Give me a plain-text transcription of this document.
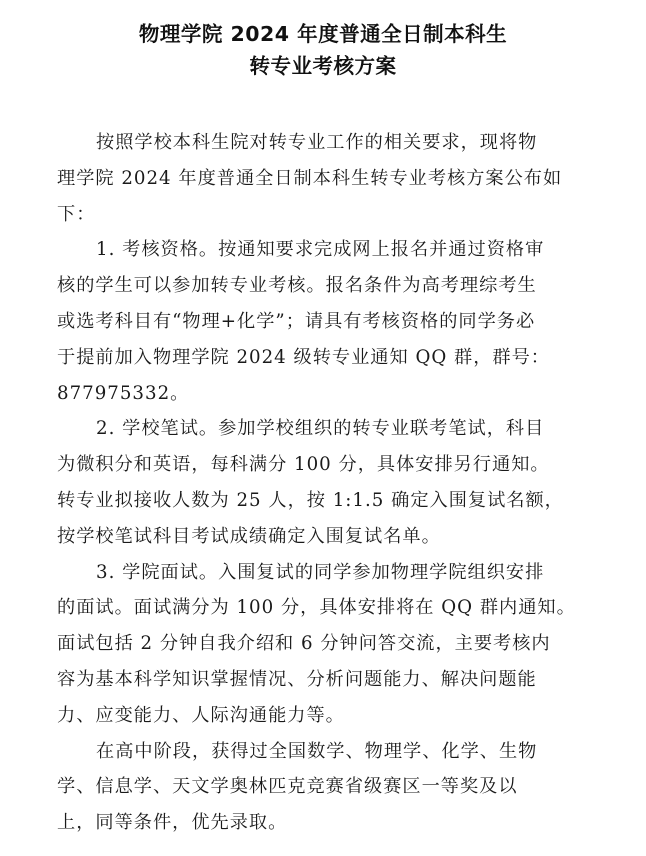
物理学院 2024 年度普通全日制本科生
转专业考核方案
按照学校本科生院对转专业工作的相关要求，现将物
理学院 2024 年度普通全日制本科生转专业考核方案公布如
下：
1. 考核资格。按通知要求完成网上报名并通过资格审
核的学生可以参加转专业考核。报名条件为高考理综考生
或选考科目有“物理+化学”；请具有考核资格的同学务必
于提前加入物理学院 2024 级转专业通知 QQ 群，群号：
877975332。
2. 学校笔试。参加学校组织的转专业联考笔试，科目
为微积分和英语，每科满分 100 分，具体安排另行通知。
转专业拟接收人数为 25 人，按 1:1.5 确定入围复试名额，
按学校笔试科目考试成绩确定入围复试名单。
3. 学院面试。入围复试的同学参加物理学院组织安排
的面试。面试满分为 100 分，具体安排将在 QQ 群内通知。
面试包括 2 分钟自我介绍和 6 分钟问答交流，主要考核内
容为基本科学知识掌握情况、分析问题能力、解决问题能
力、应变能力、人际沟通能力等。
在高中阶段，获得过全国数学、物理学、化学、生物
学、信息学、天文学奥林匹克竞赛省级赛区一等奖及以
上，同等条件，优先录取。
